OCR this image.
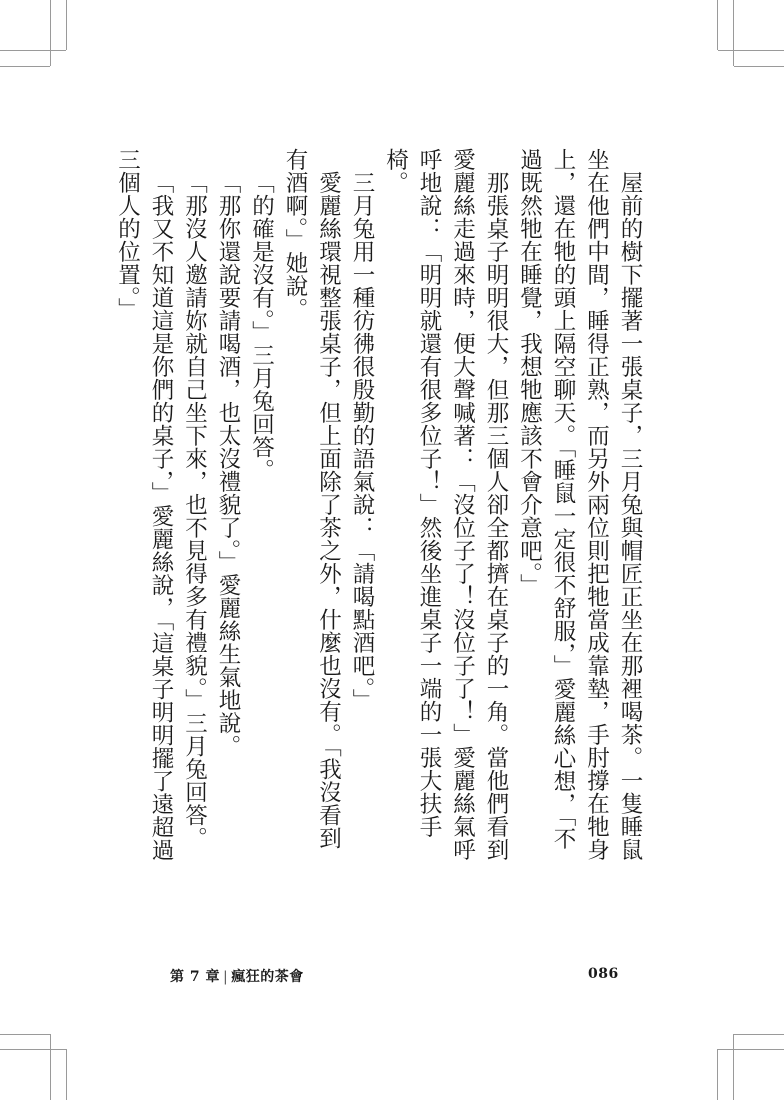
屋前的樹下擺著一張桌子，三月兔與帽匠正坐在那裡喝茶。一隻睡鼠坐在他們中間，睡得正熟，而另外兩位則把牠當成靠墊，手肘撐在牠身上，還在牠的頭上隔空聊天。「睡鼠一定很不舒服，」愛麗絲心想，「不過既然牠在睡覺，我想牠應該不會介意吧。」

那張桌子明明很大，但那三個人卻全都擠在桌子的一角。當他們看到愛麗絲走過來時，便大聲喊著：「沒位子了！沒位子了！」愛麗絲氣呼呼地說：「明明就還有很多位子！」然後坐進桌子一端的一張大扶手椅。

三月兔用一種彷彿很殷勤的語氣說：「請喝點酒吧。」

愛麗絲環視整張桌子，但上面除了茶之外，什麼也沒有。「我沒看到有酒啊。」她說。

「的確是沒有。」三月兔回答。

「那你還說要請喝酒，也太沒禮貌了。」愛麗絲生氣地說。

「那沒人邀請妳就自己坐下來，也不見得多有禮貌。」三月兔回答。

「我又不知道這是你們的桌子，」愛麗絲說，「這桌子明明擺了遠超過三個人的位置。」

第 7 章 | 瘋狂的茶會	086
